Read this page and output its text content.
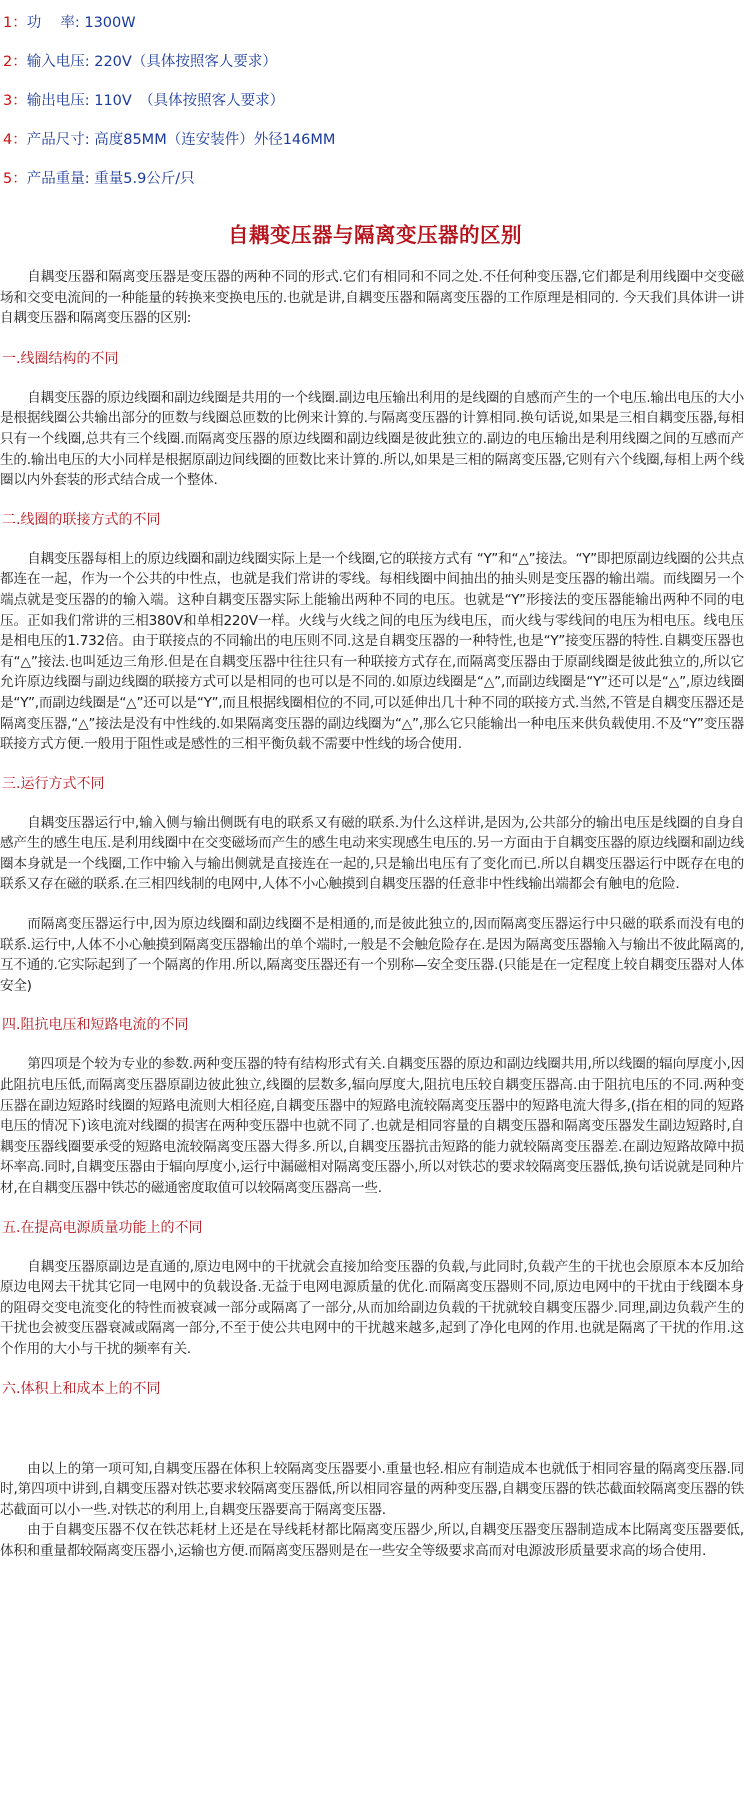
1：功　 率: 1300W
2：输入电压: 220V（具体按照客人要求）
3：输出电压: 110V　（具体按照客人要求）
4：产品尺寸: 高度85MM（连安装件）外径146MM
5：产品重量: 重量5.9公斤/只
自耦变压器与隔离变压器的区别

自耦变压器和隔离变压器是变压器的两种不同的形式.它们有相同和不同之处.不任何种变压器,它们都是利用线圈中交变磁场和交变电流间的一种能量的转换来变换电压的.也就是讲,自耦变压器和隔离变压器的工作原理是相同的. 今天我们具体讲一讲自耦变压器和隔离变压器的区别:

一.线圈结构的不同

自耦变压器的原边线圈和副边线圈是共用的一个线圈.副边电压输出利用的是线圈的自感而产生的一个电压.输出电压的大小是根据线圈公共输出部分的匝数与线圈总匝数的比例来计算的.与隔离变压器的计算相同.换句话说,如果是三相自耦变压器,每相只有一个线圈,总共有三个线圈.而隔离变压器的原边线圈和副边线圈是彼此独立的.副边的电压输出是利用线圈之间的互感而产生的.输出电压的大小同样是根据原副边间线圈的匝数比来计算的.所以,如果是三相的隔离变压器,它则有六个线圈,每相上两个线圈以内外套装的形式结合成一个整体.

二.线圈的联接方式的不同

自耦变压器每相上的原边线圈和副边线圈实际上是一个线圈,它的联接方式有 “Y”和“△”接法。“Y”即把原副边线圈的公共点都连在一起，作为一个公共的中性点，也就是我们常讲的零线。每相线圈中间抽出的抽头则是变压器的输出端。而线圈另一个端点就是变压器的的输入端。这种自耦变压器实际上能输出两种不同的电压。也就是“Y”形接法的变压器能输出两种不同的电压。正如我们常讲的三相380V和单相220V一样。火线与火线之间的电压为线电压，而火线与零线间的电压为相电压。线电压是相电压的1.732倍。由于联接点的不同输出的电压则不同.这是自耦变压器的一种特性,也是“Y”接变压器的特性.自耦变压器也有“△”接法.也叫延边三角形.但是在自耦变压器中往往只有一种联接方式存在,而隔离变压器由于原副线圈是彼此独立的,所以它允许原边线圈与副边线圈的联接方式可以是相同的也可以是不同的.如原边线圈是“△”,而副边线圈是“Y”还可以是“△”,原边线圈是“Y”,而副边线圈是“△”还可以是“Y”,而且根据线圈相位的不同,可以延伸出几十种不同的联接方式.当然,不管是自耦变压器还是隔离变压器,“△”接法是没有中性线的.如果隔离变压器的副边线圈为“△”,那么它只能输出一种电压来供负载使用.不及“Y”变压器联接方式方便.一般用于阻性或是感性的三相平衡负载不需要中性线的场合使用.

三.运行方式不同

自耦变压器运行中,输入侧与输出侧既有电的联系又有磁的联系.为什么这样讲,是因为,公共部分的输出电压是线圈的自身自感产生的感生电压.是利用线圈中在交变磁场而产生的感生电动来实现感生电压的.另一方面由于自耦变压器的原边线圈和副边线圈本身就是一个线圈,工作中输入与输出侧就是直接连在一起的,只是输出电压有了变化而已.所以自耦变压器运行中既存在电的联系又存在磁的联系.在三相四线制的电网中,人体不小心触摸到自耦变压器的任意非中性线输出端都会有触电的危险.

而隔离变压器运行中,因为原边线圈和副边线圈不是相通的,而是彼此独立的,因而隔离变压器运行中只磁的联系而没有电的联系.运行中,人体不小心触摸到隔离变压器输出的单个端时,一般是不会触危险存在.是因为隔离变压器输入与输出不彼此隔离的,互不通的.它实际起到了一个隔离的作用.所以,隔离变压器还有一个别称—安全变压器.(只能是在一定程度上较自耦变压器对人体安全)

四.阻抗电压和短路电流的不同

第四项是个较为专业的参数.两种变压器的特有结构形式有关.自耦变压器的原边和副边线圈共用,所以线圈的辐向厚度小,因此阻抗电压低,而隔离变压器原副边彼此独立,线圈的层数多,辐向厚度大,阻抗电压较自耦变压器高.由于阻抗电压的不同.两种变压器在副边短路时线圈的短路电流则大相径庭,自耦变压器中的短路电流较隔离变压器中的短路电流大得多,(指在相的同的短路电压的情况下)该电流对线圈的损害在两种变压器中也就不同了.也就是相同容量的自耦变压器和隔离变压器发生副边短路时,自耦变压器线圈要承受的短路电流较隔离变压器大得多.所以,自耦变压器抗击短路的能力就较隔离变压器差.在副边短路故障中损坏率高.同时,自耦变压器由于辐向厚度小,运行中漏磁相对隔离变压器小,所以对铁芯的要求较隔离变压器低,换句话说就是同种片材,在自耦变压器中铁芯的磁通密度取值可以较隔离变压器高一些.

五.在提高电源质量功能上的不同

自耦变压器原副边是直通的,原边电网中的干扰就会直接加给变压器的负载,与此同时,负载产生的干扰也会原原本本反加给原边电网去干扰其它同一电网中的负载设备.无益于电网电源质量的优化.而隔离变压器则不同,原边电网中的干扰由于线圈本身的阻碍交变电流变化的特性而被衰减一部分或隔离了一部分,从而加给副边负载的干扰就较自耦变压器少.同理,副边负载产生的干扰也会被变压器衰减或隔离一部分,不至于使公共电网中的干扰越来越多,起到了净化电网的作用.也就是隔离了干扰的作用.这个作用的大小与干扰的频率有关.

六.体积上和成本上的不同

由以上的第一项可知,自耦变压器在体积上较隔离变压器要小.重量也轻.相应有制造成本也就低于相同容量的隔离变压器.同时,第四项中讲到,自耦变压器对铁芯要求较隔离变压器低,所以相同容量的两种变压器,自耦变压器的铁芯截面较隔离变压器的铁芯截面可以小一些.对铁芯的利用上,自耦变压器要高于隔离变压器.

由于自耦变压器不仅在铁芯耗材上还是在导线耗材都比隔离变压器少,所以,自耦变压器变压器制造成本比隔离变压器要低,体积和重量都较隔离变压器小,运输也方便.而隔离变压器则是在一些安全等级要求高而对电源波形质量要求高的场合使用.
